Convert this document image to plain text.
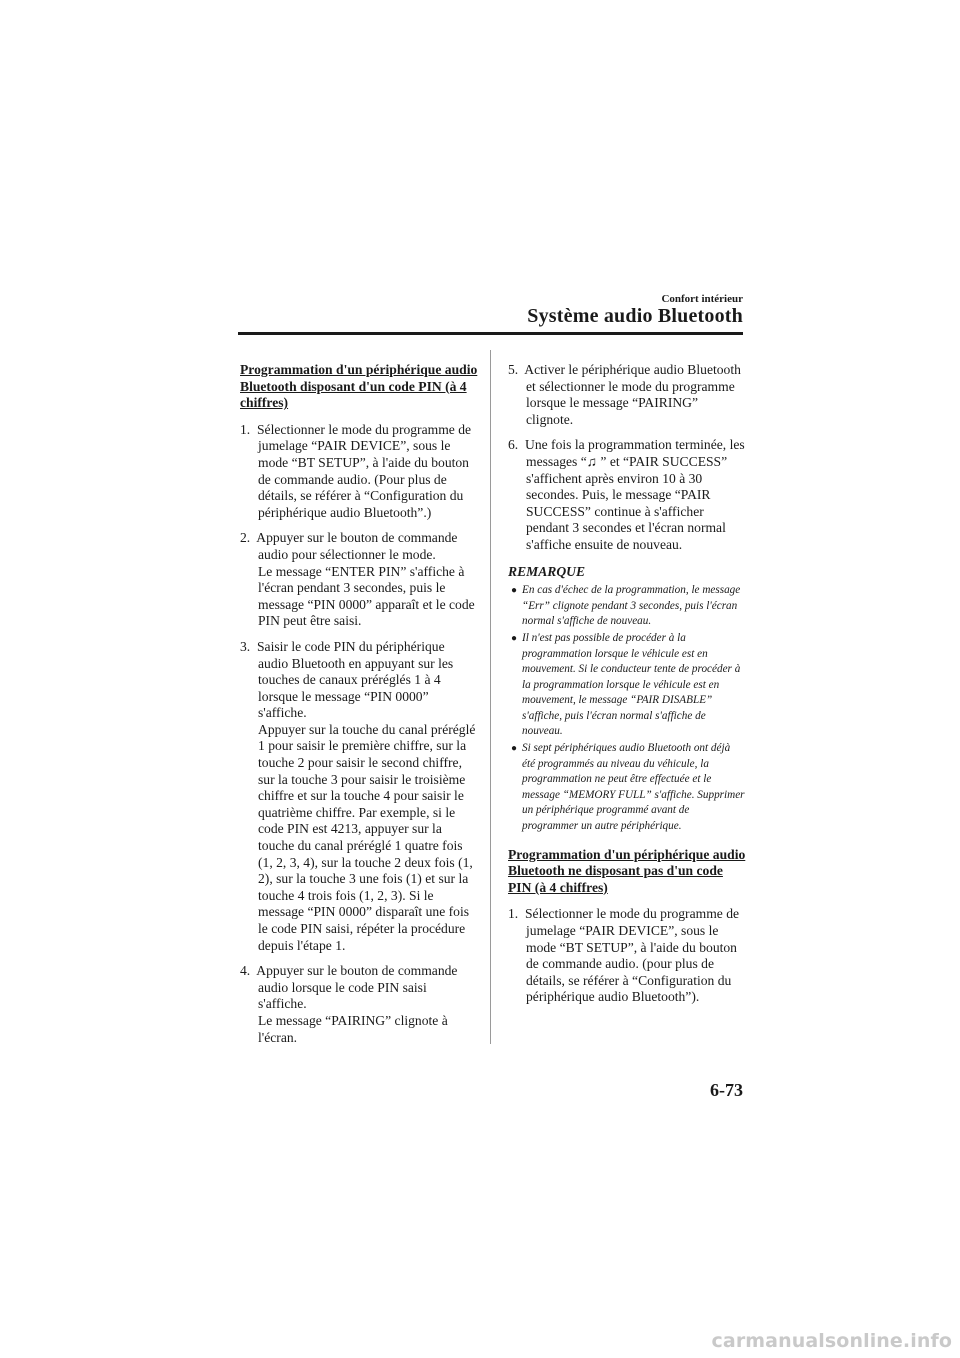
Confort intérieur
Système audio Bluetooth
Programmation d'un périphérique audio Bluetooth disposant d'un code PIN (à 4 chiffres)
1. Sélectionner le mode du programme de jumelage “PAIR DEVICE”, sous le mode “BT SETUP”, à l'aide du bouton de commande audio. (Pour plus de détails, se référer à “Configuration du périphérique audio Bluetooth”.)
2. Appuyer sur le bouton de commande audio pour sélectionner le mode.
Le message “ENTER PIN” s'affiche à l'écran pendant 3 secondes, puis le message “PIN 0000” apparaît et le code PIN peut être saisi.
3. Saisir le code PIN du périphérique audio Bluetooth en appuyant sur les touches de canaux préréglés 1 à 4 lorsque le message “PIN 0000” s'affiche.
Appuyer sur la touche du canal préréglé 1 pour saisir le première chiffre, sur la touche 2 pour saisir le second chiffre, sur la touche 3 pour saisir le troisième chiffre et sur la touche 4 pour saisir le quatrième chiffre. Par exemple, si le code PIN est 4213, appuyer sur la touche du canal préréglé 1 quatre fois (1, 2, 3, 4), sur la touche 2 deux fois (1, 2), sur la touche 3 une fois (1) et sur la touche 4 trois fois (1, 2, 3). Si le message “PIN 0000” disparaît une fois le code PIN saisi, répéter la procédure depuis l'étape 1.
4. Appuyer sur le bouton de commande audio lorsque le code PIN saisi s'affiche.
Le message “PAIRING” clignote à l'écran.
5. Activer le périphérique audio Bluetooth et sélectionner le mode du programme lorsque le message “PAIRING” clignote.
6. Une fois la programmation terminée, les messages “♫ ” et “PAIR SUCCESS” s'affichent après environ 10 à 30 secondes. Puis, le message “PAIR SUCCESS” continue à s'afficher pendant 3 secondes et l'écran normal s'affiche ensuite de nouveau.
REMARQUE
● En cas d'échec de la programmation, le message “Err” clignote pendant 3 secondes, puis l'écran normal s'affiche de nouveau.
● Il n'est pas possible de procéder à la programmation lorsque le véhicule est en mouvement. Si le conducteur tente de procéder à la programmation lorsque le véhicule est en mouvement, le message “PAIR DISABLE” s'affiche, puis l'écran normal s'affiche de nouveau.
● Si sept périphériques audio Bluetooth ont déjà été programmés au niveau du véhicule, la programmation ne peut être effectuée et le message “MEMORY FULL” s'affiche. Supprimer un périphérique programmé avant de programmer un autre périphérique.
Programmation d'un périphérique audio Bluetooth ne disposant pas d'un code PIN (à 4 chiffres)
1. Sélectionner le mode du programme de jumelage “PAIR DEVICE”, sous le mode “BT SETUP”, à l'aide du bouton de commande audio. (pour plus de détails, se référer à “Configuration du périphérique audio Bluetooth”).
6-73
carmanualsonline.info
